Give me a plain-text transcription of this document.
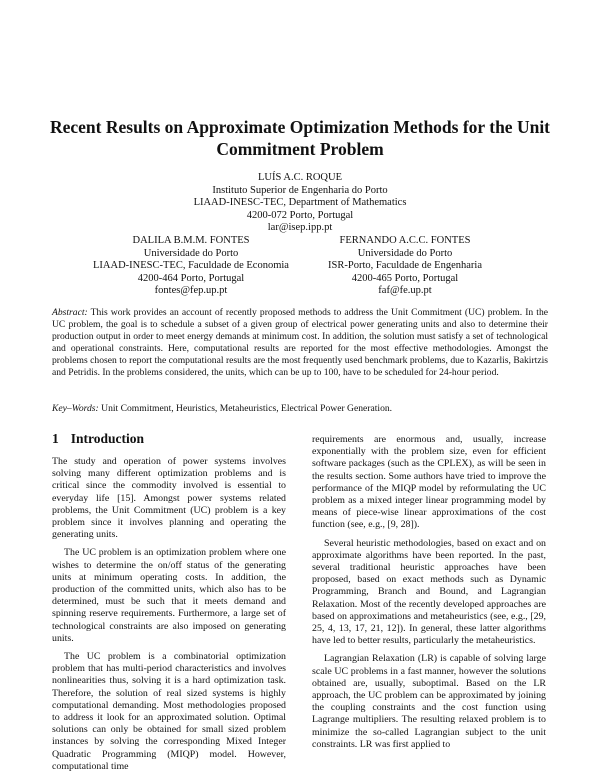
Recent Results on Approximate Optimization Methods for the Unit
Commitment Problem
LUÍS A.C. ROQUE
Instituto Superior de Engenharia do Porto
LIAAD-INESC-TEC, Department of Mathematics
4200-072 Porto, Portugal
lar@isep.ipp.pt
DALILA B.M.M. FONTES
Universidade do Porto
LIAAD-INESC-TEC, Faculdade de Economia
4200-464 Porto, Portugal
fontes@fep.up.pt
FERNANDO A.C.C. FONTES
Universidade do Porto
ISR-Porto, Faculdade de Engenharia
4200-465 Porto, Portugal
faf@fe.up.pt
Abstract: This work provides an account of recently proposed methods to address the Unit Commitment (UC) problem. In the UC problem, the goal is to schedule a subset of a given group of electrical power generating units and also to determine their production output in order to meet energy demands at minimum cost. In addition, the solution must satisfy a set of technological and operational constraints. Here, computational results are reported for the most effective methodologies. Amongst the problems chosen to report the computational results are the most frequently used benchmark problems, due to Kazarlis, Bakirtzis and Petridis. In the problems considered, the units, which can be up to 100, have to be scheduled for 24-hour period.
Key–Words: Unit Commitment, Heuristics, Metaheuristics, Electrical Power Generation.
1 Introduction

The study and operation of power systems involves solving many different optimization problems and is critical since the commodity involved is essential to everyday life [15]. Amongst power systems related problems, the Unit Commitment (UC) problem is a key problem since it involves planning and operating the generating units.

The UC problem is an optimization problem where one wishes to determine the on/off status of the generating units at minimum operating costs. In addition, the production of the committed units, which also has to be determined, must be such that it meets demand and spinning reserve requirements. Furthermore, a large set of technological constraints are also imposed on generating units.

The UC problem is a combinatorial optimization problem that has multi-period characteristics and involves nonlinearities thus, solving it is a hard optimization task. Therefore, the solution of real sized systems is highly computational demanding. Most methodologies proposed to address it look for an approximated solution. Optimal solutions can only be obtained for small sized problem instances by solving the corresponding Mixed Integer Quadratic Programming (MIQP) model. However, computational time

requirements are enormous and, usually, increase exponentially with the problem size, even for efficient software packages (such as the CPLEX), as will be seen in the results section. Some authors have tried to improve the performance of the MIQP model by reformulating the UC problem as a mixed integer linear programming model by means of piece-wise linear approximations of the cost function (see, e.g., [9, 28]).

Several heuristic methodologies, based on exact and on approximate algorithms have been reported. In the past, several traditional heuristic approaches have been proposed, based on exact methods such as Dynamic Programming, Branch and Bound, and Lagrangian Relaxation. Most of the recently developed approaches are based on approximations and metaheuristics (see, e.g., [29, 25, 4, 13, 17, 21, 12]). In general, these latter algorithms have led to better results, particularly the metaheuristics.

Lagrangian Relaxation (LR) is capable of solving large scale UC problems in a fast manner, however the solutions obtained are, usually, suboptimal. Based on the LR approach, the UC problem can be approximated by joining the coupling constraints and the cost function using Lagrange multipliers. The resulting relaxed problem is to minimize the so-called Lagrangian subject to the unit constraints. LR was first applied to
